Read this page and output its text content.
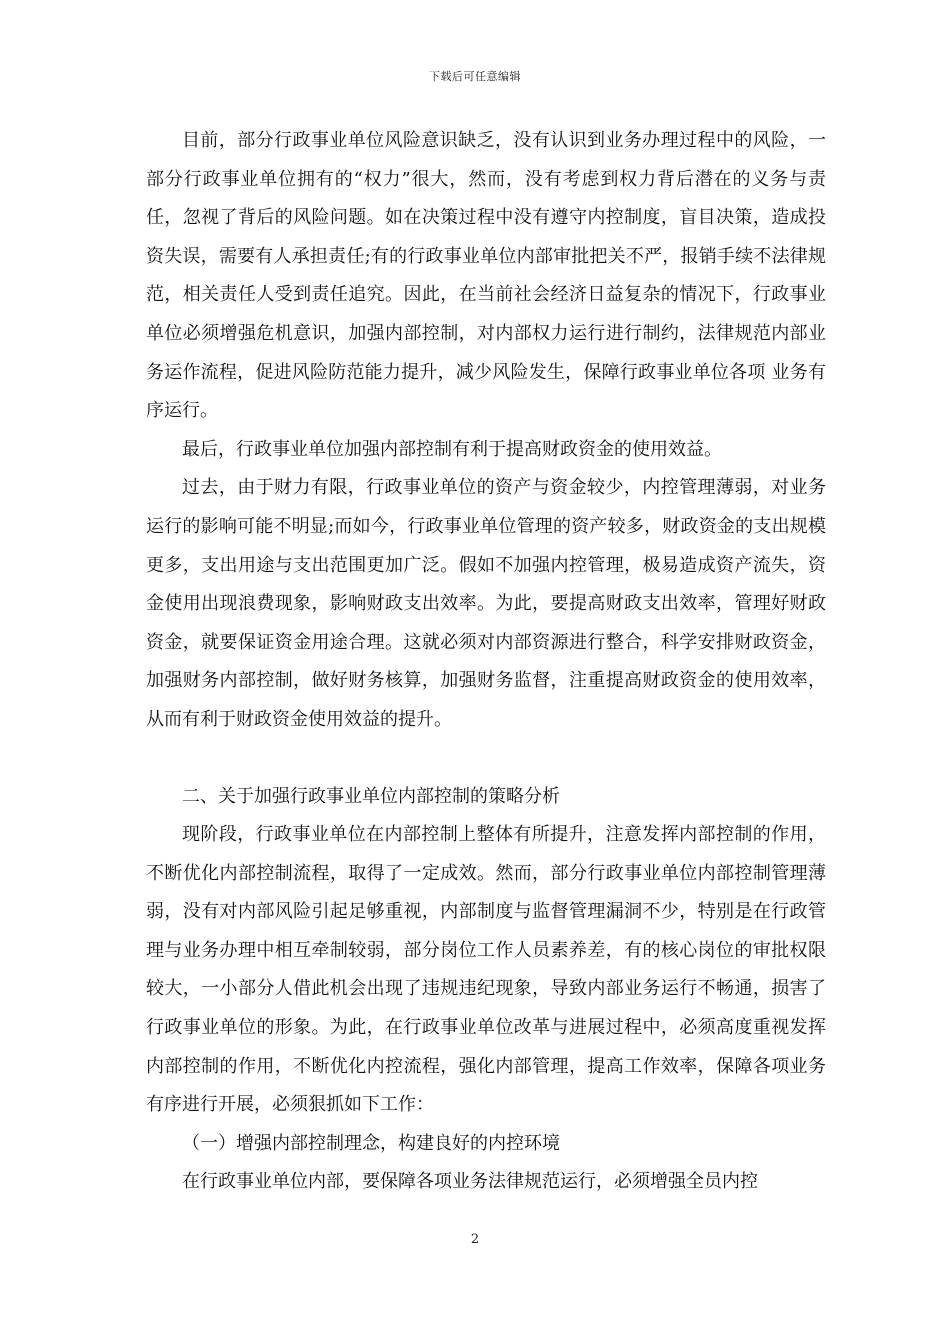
下载后可任意编辑

目前，部分行政事业单位风险意识缺乏，没有认识到业务办理过程中的风险，一部分行政事业单位拥有的“权力”很大，然而，没有考虑到权力背后潜在的义务与责任，忽视了背后的风险问题。如在决策过程中没有遵守内控制度，盲目决策，造成投资失误，需要有人承担责任;有的行政事业单位内部审批把关不严，报销手续不法律规范，相关责任人受到责任追究。因此，在当前社会经济日益复杂的情况下，行政事业单位必须增强危机意识，加强内部控制，对内部权力运行进行制约，法律规范内部业务运作流程，促进风险防范能力提升，减少风险发生，保障行政事业单位各项 业务有序运行。

最后，行政事业单位加强内部控制有利于提高财政资金的使用效益。

过去，由于财力有限，行政事业单位的资产与资金较少，内控管理薄弱，对业务运行的影响可能不明显;而如今，行政事业单位管理的资产较多，财政资金的支出规模更多，支出用途与支出范围更加广泛。假如不加强内控管理，极易造成资产流失，资金使用出现浪费现象，影响财政支出效率。为此，要提高财政支出效率，管理好财政资金，就要保证资金用途合理。这就必须对内部资源进行整合，科学安排财政资金，加强财务内部控制，做好财务核算，加强财务监督，注重提高财政资金的使用效率，从而有利于财政资金使用效益的提升。

二、关于加强行政事业单位内部控制的策略分析

现阶段，行政事业单位在内部控制上整体有所提升，注意发挥内部控制的作用，不断优化内部控制流程，取得了一定成效。然而，部分行政事业单位内部控制管理薄弱，没有对内部风险引起足够重视，内部制度与监督管理漏洞不少，特别是在行政管理与业务办理中相互牵制较弱，部分岗位工作人员素养差，有的核心岗位的审批权限较大，一小部分人借此机会出现了违规违纪现象，导致内部业务运行不畅通，损害了行政事业单位的形象。为此，在行政事业单位改革与进展过程中，必须高度重视发挥内部控制的作用，不断优化内控流程，强化内部管理，提高工作效率，保障各项业务有序进行开展，必须狠抓如下工作：

（一）增强内部控制理念，构建良好的内控环境

在行政事业单位内部，要保障各项业务法律规范运行，必须增强全员内控

2
